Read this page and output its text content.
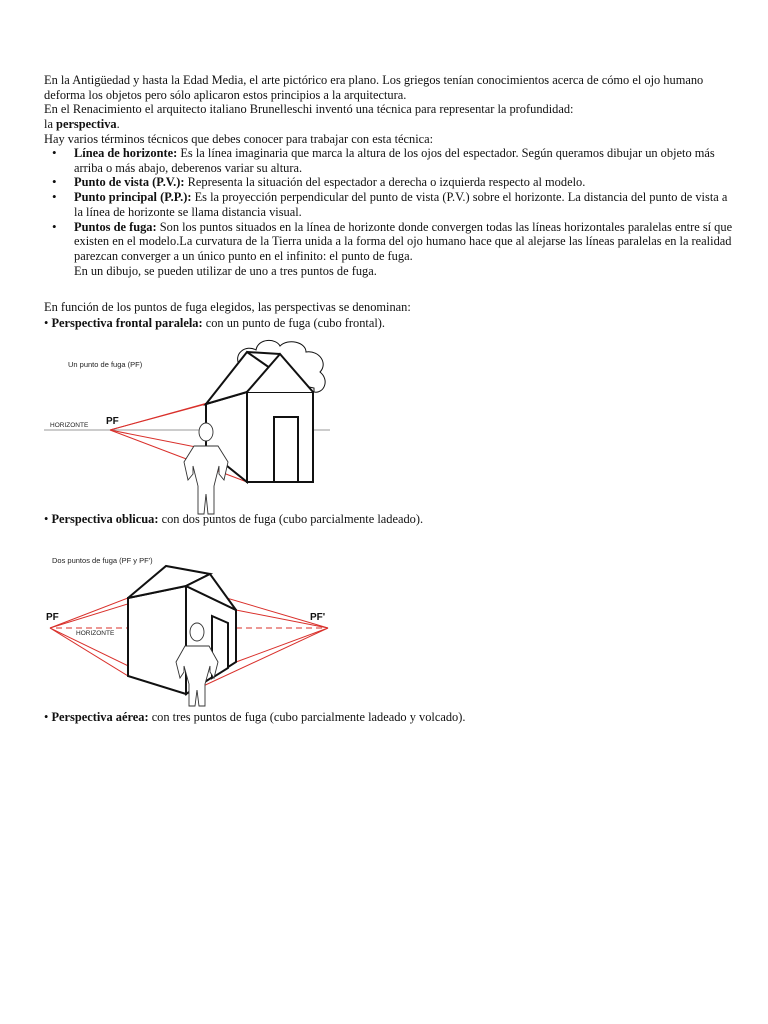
En la Antigüedad y hasta la Edad Media, el arte pictórico era plano. Los griegos tenían conocimientos acerca de cómo el ojo humano deforma los objetos pero sólo aplicaron estos principios a la arquitectura.

En el Renacimiento el arquitecto italiano Brunelleschi inventó una técnica para representar la profundidad:

la perspectiva.

Hay varios términos técnicos que debes conocer para trabajar con esta técnica:

• Línea de horizonte: Es la línea imaginaria que marca la altura de los ojos del espectador. Según queramos dibujar un objeto más arriba o más abajo, deberenos variar su altura.
• Punto de vista (P.V.): Representa la situación del espectador a derecha o izquierda respecto al modelo.
• Punto principal (P.P.): Es la proyección perpendicular del punto de vista (P.V.) sobre el horizonte. La distancia del punto de vista a la línea de horizonte se llama distancia visual.
• Puntos de fuga: Son los puntos situados en la línea de horizonte donde convergen todas las líneas horizontales paralelas entre sí que existen en el modelo.La curvatura de la Tierra unida a la forma del ojo humano hace que al alejarse las líneas paralelas en la realidad parezcan converger a un único punto en el infinito: el punto de fuga.
En un dibujo, se pueden utilizar de uno a tres puntos de fuga.

En función de los puntos de fuga elegidos, las perspectivas se denominan:

• Perspectiva frontal paralela: con un punto de fuga (cubo frontal).

Un punto de fuga (PF)
HORIZONTE PF

• Perspectiva oblicua: con dos puntos de fuga (cubo parcialmente ladeado).

Dos puntos de fuga (PF y PF')
PF	PF'
HORIZONTE

• Perspectiva aérea: con tres puntos de fuga (cubo parcialmente ladeado y volcado).
